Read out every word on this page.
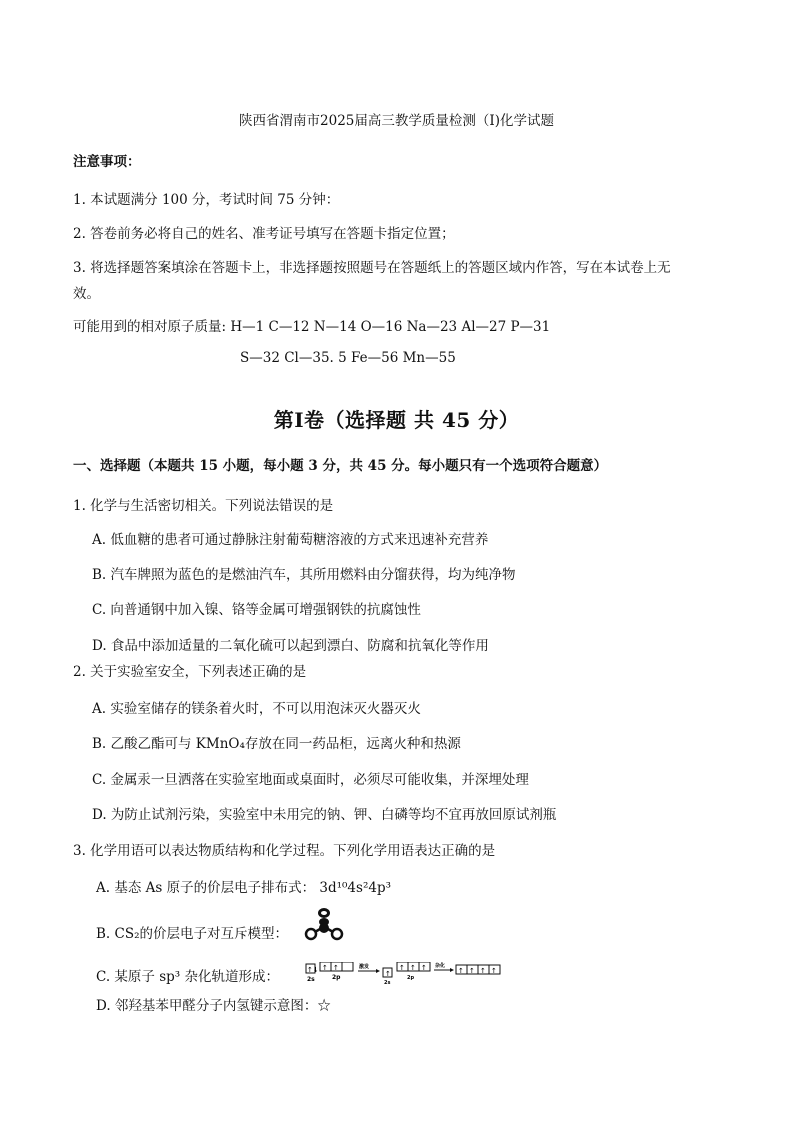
陕西省渭南市2025届高三教学质量检测（Ⅰ)化学试题
注意事项：
1. 本试题满分 100 分，考试时间 75 分钟：
2. 答卷前务必将自己的姓名、准考证号填写在答题卡指定位置；
3. 将选择题答案填涂在答题卡上，非选择题按照题号在答题纸上的答题区域内作答，写在本试卷上无
效。
可能用到的相对原子质量: H—1 C—12 N—14 O—16 Na—23 Al—27 P—31
S—32 Cl—35. 5 Fe—56 Mn—55
第Ⅰ卷（选择题 共 45 分）
一、选择题（本题共 15 小题，每小题 3 分，共 45 分。每小题只有一个选项符合题意）
1. 化学与生活密切相关。下列说法错误的是
A. 低血糖的患者可通过静脉注射葡萄糖溶液的方式来迅速补充营养
B. 汽车牌照为蓝色的是燃油汽车，其所用燃料由分馏获得，均为纯净物
C. 向普通钢中加入镍、铬等金属可增强钢铁的抗腐蚀性
D. 食品中添加适量的二氧化硫可以起到漂白、防腐和抗氧化等作用
2. 关于实验室安全，下列表述正确的是
A. 实验室储存的镁条着火时，不可以用泡沫灭火器灭火
B. 乙酸乙酯可与 KMnO₄存放在同一药品柜，远离火种和热源
C. 金属汞一旦洒落在实验室地面或桌面时，必须尽可能收集，并深埋处理
D. 为防止试剂污染，实验室中未用完的钠、钾、白磷等均不宜再放回原试剂瓶
3. 化学用语可以表达物质结构和化学过程。下列化学用语表达正确的是
A. 基态 As 原子的价层电子排布式： 3d¹⁰4s²4p³
B. CS₂的价层电子对互斥模型：
C. 某原子 sp³ 杂化轨道形成：	↑↓
2s
↑ ↑
2p
激发
↑
2s
↑ ↑ ↑
2p
杂化
↑ ↑ ↑ ↑
D. 邻羟基苯甲醛分子内氢键示意图：☆
